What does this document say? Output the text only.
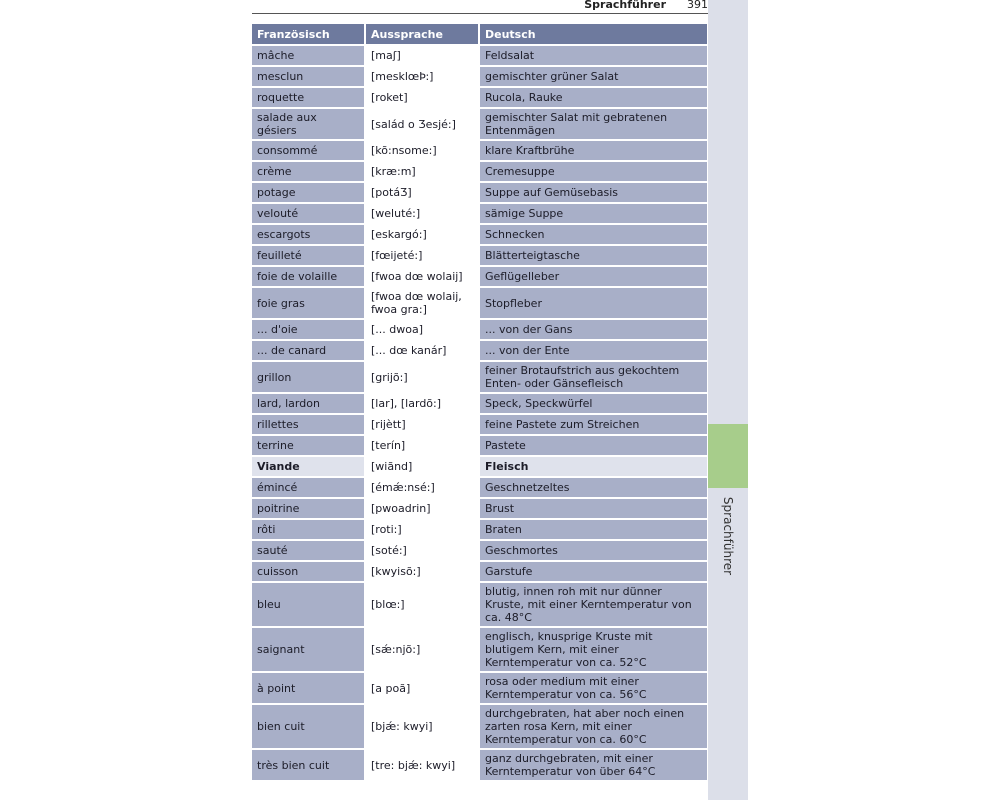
Sprachführer
Sprachführer 391
Französisch	Aussprache	Deutsch
mâche	[maʃ]	Feldsalat
mesclun	[mesklœÞ:]	gemischter grüner Salat
roquette	[roket]	Rucola, Rauke
salade aux gésiers	[salád o Ʒesjé:]	gemischter Salat mit gebratenen Entenmägen
consommé	[kõ:nsome:]	klare Kraftbrühe
crème	[kræ:m]	Cremesuppe
potage	[potáƷ]	Suppe auf Gemüsebasis
velouté	[weluté:]	sämige Suppe
escargots	[eskargó:]	Schnecken
feuilleté	[fœijeté:]	Blätterteigtasche
foie de volaille	[fwoa dœ wolaij]	Geflügelleber
foie gras	[fwoa dœ wolaij, fwoa gra:]	Stopfleber
... d'oie	[... dwoa]	... von der Gans
... de canard	[... dœ kanár]	... von der Ente
grillon	[grijõ:]	feiner Brotaufstrich aus gekochtem Enten- oder Gänsefleisch
lard, lardon	[lar], [lardõ:]	Speck, Speckwürfel
rillettes	[rijètt]	feine Pastete zum Streichen
terrine	[terín]	Pastete
Viande	[wiãnd]	Fleisch
émincé	[émǽ:nsé:]	Geschnetzeltes
poitrine	[pwoadrin]	Brust
rôti	[roti:]	Braten
sauté	[soté:]	Geschmortes
cuisson	[kwyisõ:]	Garstufe
bleu	[blœ:]	blutig, innen roh mit nur dünner Kruste, mit einer Kerntemperatur von ca. 48°C
saignant	[sǽ:njõ:]	englisch, knusprige Kruste mit blutigem Kern, mit einer Kerntemperatur von ca. 52°C
à point	[a poã]	rosa oder medium mit einer Kerntemperatur von ca. 56°C
bien cuit	[bjǽ: kwyi]	durchgebraten, hat aber noch einen zarten rosa Kern, mit einer Kerntemperatur von ca. 60°C
très bien cuit	[tre: bjǽ: kwyi]	ganz durchgebraten, mit einer Kerntemperatur von über 64°C
